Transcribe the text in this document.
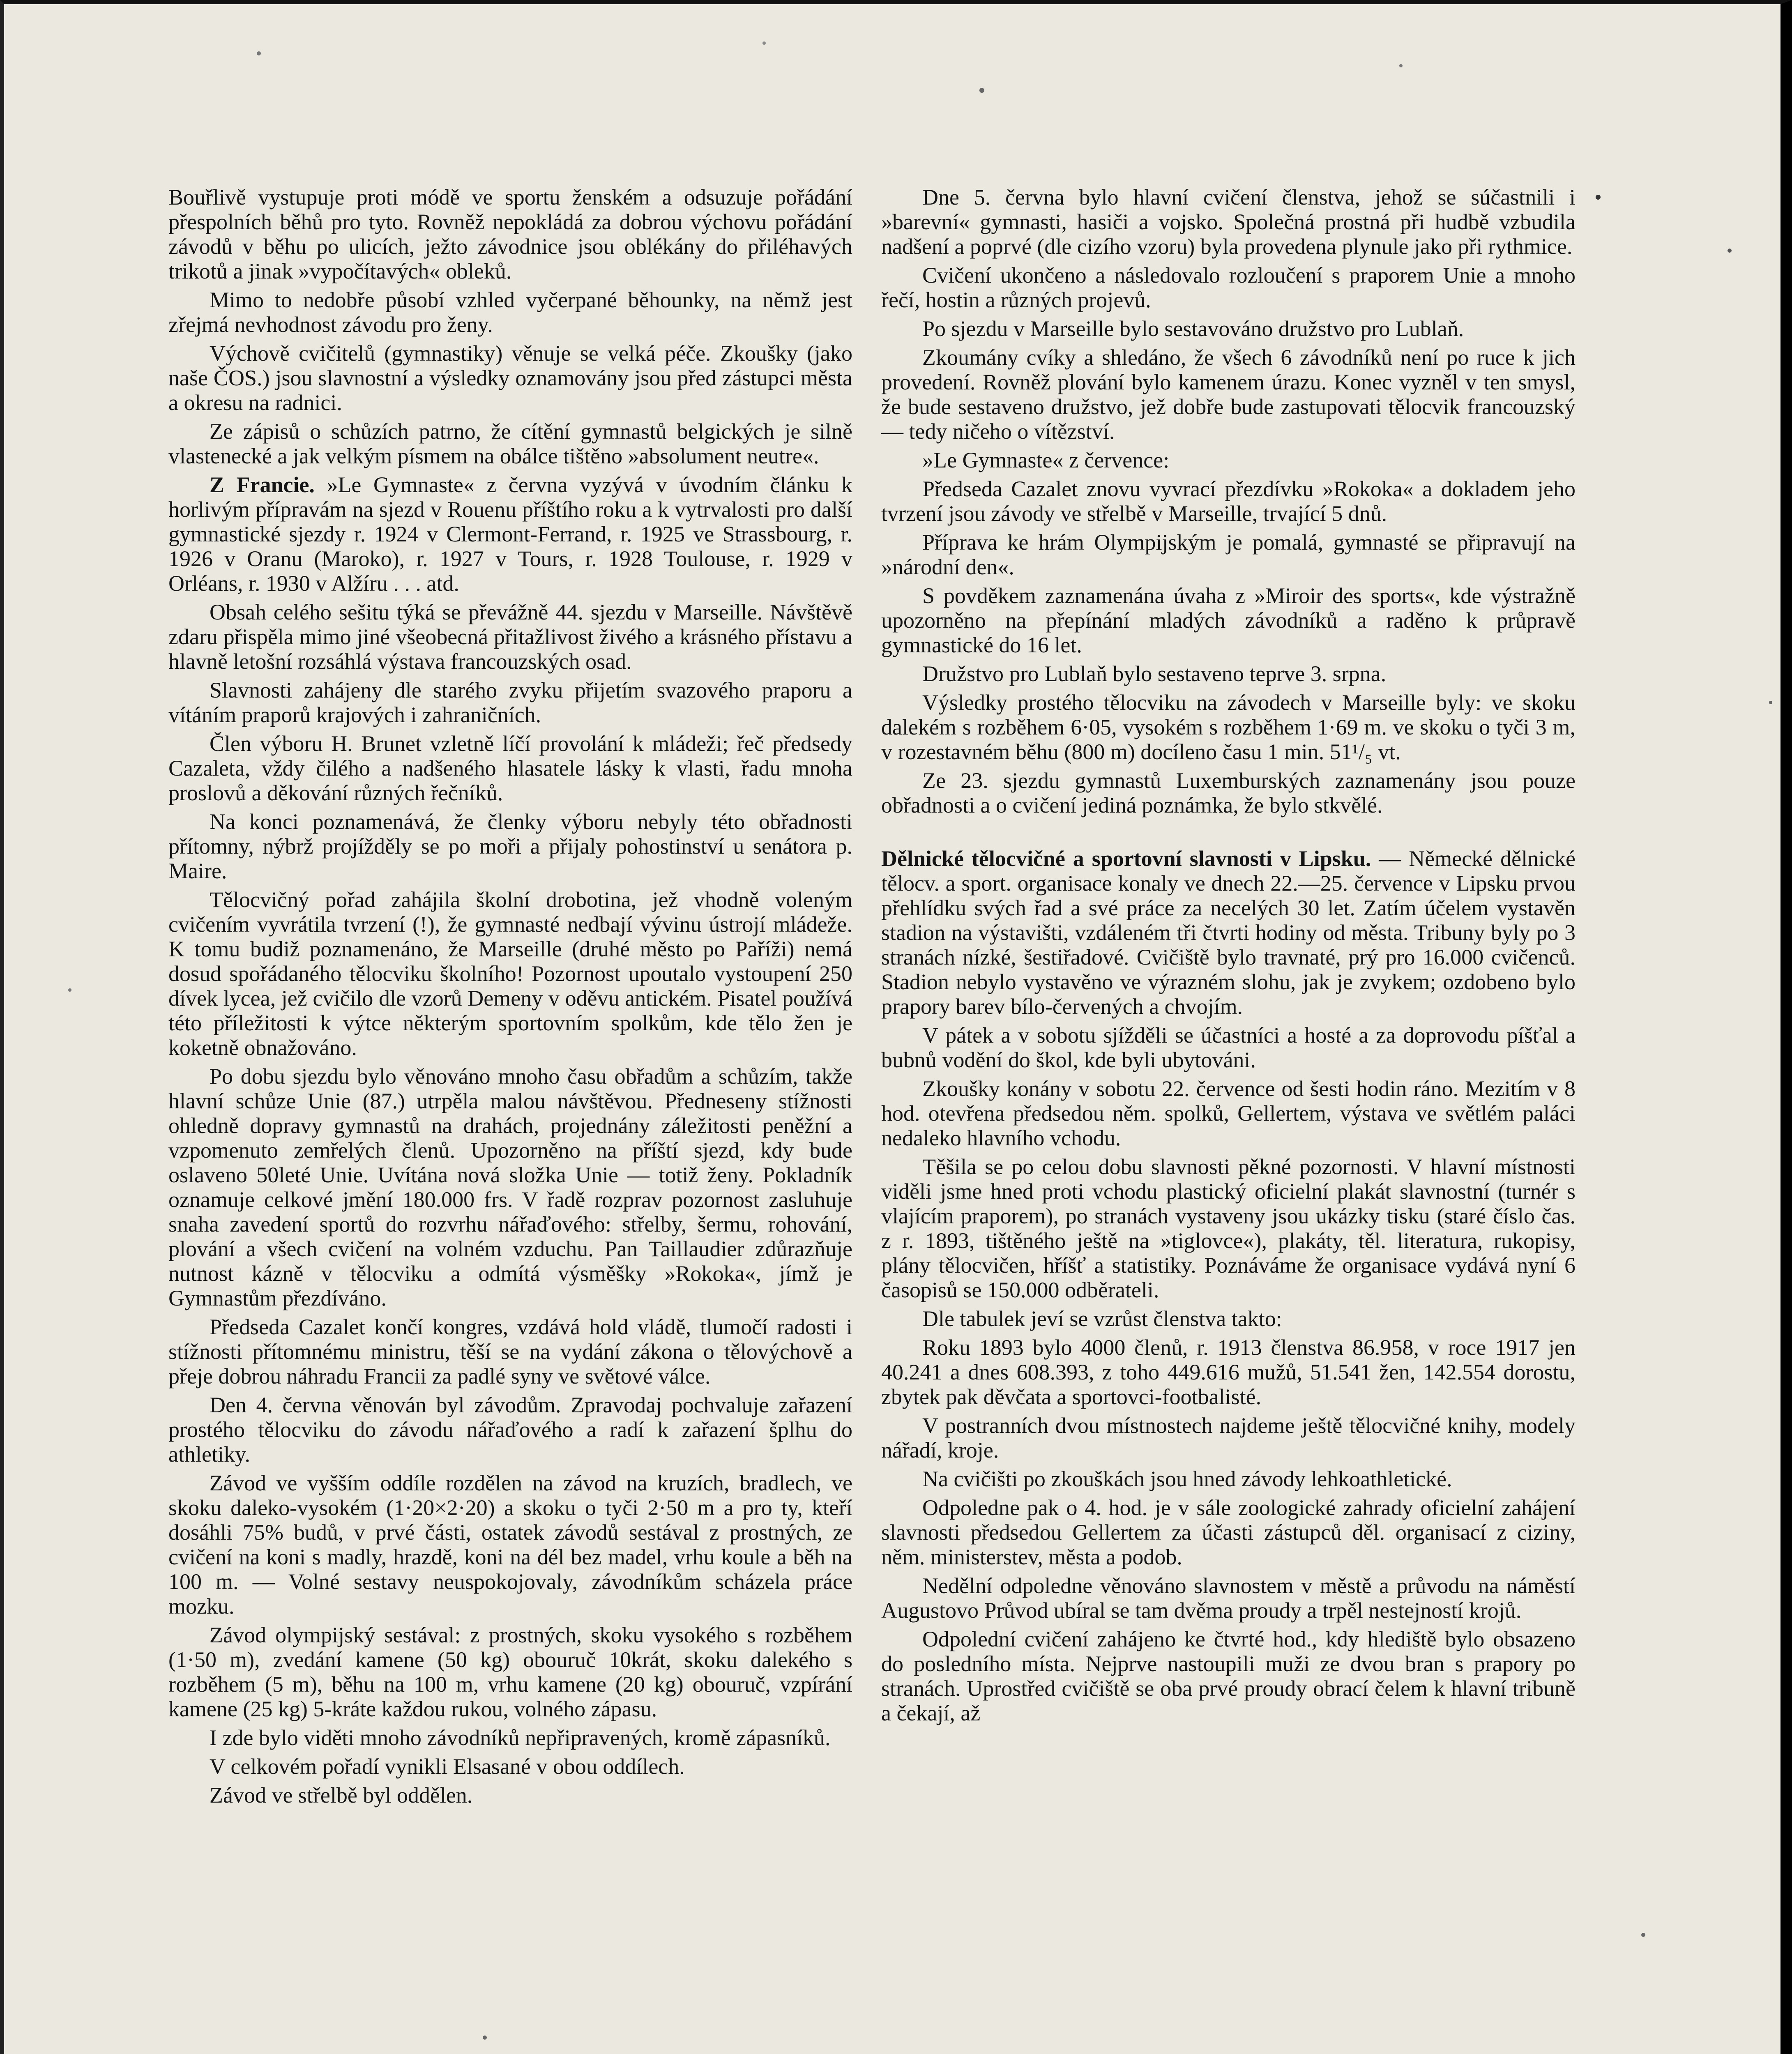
Bouřlivě vystupuje proti módě ve sportu ženském a odsuzuje pořádání přespolních běhů pro tyto. Rovněž nepokládá za dobrou výchovu pořádání závodů v běhu po ulicích, ježto závodnice jsou oblékány do přiléhavých trikotů a jinak »vypočítavých« obleků.

Mimo to nedobře působí vzhled vyčerpané běhounky, na němž jest zřejmá nevhodnost závodu pro ženy.

Výchově cvičitelů (gymnastiky) věnuje se velká péče. Zkoušky (jako naše ČOS.) jsou slavnostní a výsledky oznamovány jsou před zástupci města a okresu na radnici.

Ze zápisů o schůzích patrno, že cítění gymnastů belgických je silně vlastenecké a jak velkým písmem na obálce tištěno »absolument neutre«.

Z Francie. »Le Gymnaste« z června vyzývá v úvodním článku k horlivým přípravám na sjezd v Rouenu příštího roku a k vytrvalosti pro další gymnastické sjezdy r. 1924 v Clermont-Ferrand, r. 1925 ve Strassbourg, r. 1926 v Oranu (Maroko), r. 1927 v Tours, r. 1928 Toulouse, r. 1929 v Orléans, r. 1930 v Alžíru . . . atd.

Obsah celého sešitu týká se převážně 44. sjezdu v Marseille. Návštěvě zdaru přispěla mimo jiné všeobecná přitažlivost živého a krásného přístavu a hlavně letošní rozsáhlá výstava francouzských osad.

Slavnosti zahájeny dle starého zvyku přijetím svazového praporu a vítáním praporů krajových i zahraničních.

Člen výboru H. Brunet vzletně líčí provolání k mládeži; řeč předsedy Cazaleta, vždy čilého a nadšeného hlasatele lásky k vlasti, řadu mnoha proslovů a děkování různých řečníků.

Na konci poznamenává, že členky výboru nebyly této obřadnosti přítomny, nýbrž projížděly se po moři a přijaly pohostinství u senátora p. Maire.

Tělocvičný pořad zahájila školní drobotina, jež vhodně voleným cvičením vyvrátila tvrzení (!), že gymnasté nedbají vývinu ústrojí mládeže. K tomu budiž poznamenáno, že Marseille (druhé město po Paříži) nemá dosud spořádaného tělocviku školního! Pozornost upoutalo vystoupení 250 dívek lycea, jež cvičilo dle vzorů Demeny v oděvu antickém. Pisatel používá této příležitosti k výtce některým sportovním spolkům, kde tělo žen je koketně obnažováno.

Po dobu sjezdu bylo věnováno mnoho času obřadům a schůzím, takže hlavní schůze Unie (87.) utrpěla malou návštěvou. Předneseny stížnosti ohledně dopravy gymnastů na drahách, projednány záležitosti peněžní a vzpomenuto zemřelých členů. Upozorněno na příští sjezd, kdy bude oslaveno 50leté Unie. Uvítána nová složka Unie — totiž ženy. Pokladník oznamuje celkové jmění 180.000 frs. V řadě rozprav pozornost zasluhuje snaha zavedení sportů do rozvrhu nářaďového: střelby, šermu, rohování, plování a všech cvičení na volném vzduchu. Pan Taillaudier zdůrazňuje nutnost kázně v tělocviku a odmítá výsměšky »Rokoka«, jímž je Gymnastům přezdíváno.

Předseda Cazalet končí kongres, vzdává hold vládě, tlumočí radosti i stížnosti přítomnému ministru, těší se na vydání zákona o tělovýchově a přeje dobrou náhradu Francii za padlé syny ve světové válce.

Den 4. června věnován byl závodům. Zpravodaj pochvaluje zařazení prostého tělocviku do závodu nářaďového a radí k zařazení šplhu do athletiky.

Závod ve vyšším oddíle rozdělen na závod na kruzích, bradlech, ve skoku daleko-vysokém (1·20×2·20) a skoku o tyči 2·50 m a pro ty, kteří dosáhli 75% budů, v prvé části, ostatek závodů sestával z prostných, ze cvičení na koni s madly, hrazdě, koni na dél bez madel, vrhu koule a běh na 100 m. — Volné sestavy neuspokojovaly, závodníkům scházela práce mozku.

Závod olympijský sestával: z prostných, skoku vysokého s rozběhem (1·50 m), zvedání kamene (50 kg) obouruč 10krát, skoku dalekého s rozběhem (5 m), běhu na 100 m, vrhu kamene (20 kg) obouruč, vzpírání kamene (25 kg) 5-kráte každou rukou, volného zápasu.

I zde bylo viděti mnoho závodníků nepřipravených, kromě zápasníků.

V celkovém pořadí vynikli Elsasané v obou oddílech.

Závod ve střelbě byl oddělen.

Dne 5. června bylo hlavní cvičení členstva, jehož se súčastnili i »barevní« gymnasti, hasiči a vojsko. Společná prostná při hudbě vzbudila nadšení a poprvé (dle cizího vzoru) byla provedena plynule jako při rythmice.

Cvičení ukončeno a následovalo rozloučení s praporem Unie a mnoho řečí, hostin a různých projevů.

Po sjezdu v Marseille bylo sestavováno družstvo pro Lublaň.

Zkoumány cvíky a shledáno, že všech 6 závodníků není po ruce k jich provedení. Rovněž plování bylo kamenem úrazu. Konec vyzněl v ten smysl, že bude sestaveno družstvo, jež dobře bude zastupovati tělocvik francouzský — tedy ničeho o vítězství.

»Le Gymnaste« z července:

Předseda Cazalet znovu vyvrací přezdívku »Rokoka« a dokladem jeho tvrzení jsou závody ve střelbě v Marseille, trvající 5 dnů.

Příprava ke hrám Olympijským je pomalá, gymnasté se připravují na »národní den«.

S povděkem zaznamenána úvaha z »Miroir des sports«, kde výstražně upozorněno na přepínání mladých závodníků a raděno k průpravě gymnastické do 16 let.

Družstvo pro Lublaň bylo sestaveno teprve 3. srpna.

Výsledky prostého tělocviku na závodech v Marseille byly: ve skoku dalekém s rozběhem 6·05, vysokém s rozběhem 1·69 m. ve skoku o tyči 3 m, v rozestavném běhu (800 m) docíleno času 1 min. 51¹/₅ vt.

Ze 23. sjezdu gymnastů Luxemburských zaznamenány jsou pouze obřadnosti a o cvičení jediná poznámka, že bylo stkvělé.

Dělnické tělocvičné a sportovní slavnosti v Lipsku. — Německé dělnické tělocv. a sport. organisace konaly ve dnech 22.—25. července v Lipsku prvou přehlídku svých řad a své práce za necelých 30 let. Zatím účelem vystavěn stadion na výstavišti, vzdáleném tři čtvrti hodiny od města. Tribuny byly po 3 stranách nízké, šestiřadové. Cvičiště bylo travnaté, prý pro 16.000 cvičenců. Stadion nebylo vystavěno ve výrazném slohu, jak je zvykem; ozdobeno bylo prapory barev bílo-červených a chvojím.

V pátek a v sobotu sjížděli se účastníci a hosté a za doprovodu píšťal a bubnů vodění do škol, kde byli ubytováni.

Zkoušky konány v sobotu 22. července od šesti hodin ráno. Mezitím v 8 hod. otevřena předsedou něm. spolků, Gellertem, výstava ve světlém paláci nedaleko hlavního vchodu.

Těšila se po celou dobu slavnosti pěkné pozornosti. V hlavní místnosti viděli jsme hned proti vchodu plastický oficielní plakát slavnostní (turnér s vlajícím praporem), po stranách vystaveny jsou ukázky tisku (staré číslo čas. z r. 1893, tištěného ještě na »tiglovce«), plakáty, těl. literatura, rukopisy, plány tělocvičen, hříšť a statistiky. Poznáváme že organisace vydává nyní 6 časopisů se 150.000 odběrateli.

Dle tabulek jeví se vzrůst členstva takto:

Roku 1893 bylo 4000 členů, r. 1913 členstva 86.958, v roce 1917 jen 40.241 a dnes 608.393, z toho 449.616 mužů, 51.541 žen, 142.554 dorostu, zbytek pak děvčata a sportovci-footbalisté.

V postranních dvou místnostech najdeme ještě tělocvičné knihy, modely nářadí, kroje.

Na cvičišti po zkouškách jsou hned závody lehkoathletické.

Odpoledne pak o 4. hod. je v sále zoologické zahrady oficielní zahájení slavnosti předsedou Gellertem za účasti zástupců děl. organisací z ciziny, něm. ministerstev, města a podob.

Nedělní odpoledne věnováno slavnostem v městě a průvodu na náměstí Augustovo Průvod ubíral se tam dvěma proudy a trpěl nestejností krojů.

Odpolední cvičení zahájeno ke čtvrté hod., kdy hlediště bylo obsazeno do posledního místa. Nejprve nastoupili muži ze dvou bran s prapory po stranách. Uprostřed cvičiště se oba prvé proudy obrací čelem k hlavní tribuně a čekají, až
